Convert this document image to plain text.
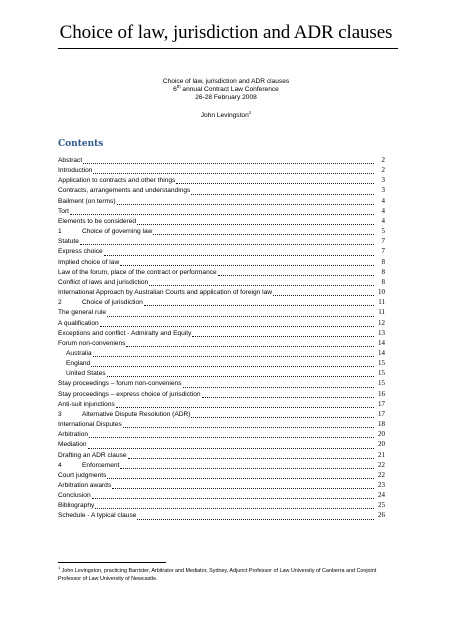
Choice of law, jurisdiction and ADR clauses
Choice of law, jurisdiction and ADR clauses
6th annual Contract Law Conference
26-28 February 2008
John Levingston$^1$
Contents
Abstract	2
Introduction	2
Application to contracts and other things	3
Contracts, arrangements and understandings	3
Bailment (on terms)	4
Tort	4
Elements to be considered	4
1	Choice of governing law	5
Statute	7
Express choice	7
Implied choice of law	8
Law of the forum, place of the contract or performance	8
Conflict of laws and jurisdiction	8
International Approach by Australian Courts and application of foreign law	10
2	Choice of jurisdiction	11
The general rule	11
A qualification	12
Exceptions and conflict - Admiralty and Equity	13
Forum non-conveniens	14
Australia	14
England	15
United States	15
Stay proceedings – forum non-conveniens	15
Stay proceedings – express choice of jurisdiction	16
Anti-suit injunctions	17
3	Alternative Dispute Resolution (ADR)	17
International Disputes	18
Arbitration	20
Mediation	20
Drafting an ADR clause	21
4	Enforcement	22
Court judgments	22
Arbitration awards	23
Conclusion	24
Bibliography	25
Schedule - A typical clause	26
$^1$ John Levingston, practicing Barrister, Arbitrator and Mediator, Sydney, Adjunct Professor of Law University of Canberra and Conjoint Professor of Law University of Newcastle.
